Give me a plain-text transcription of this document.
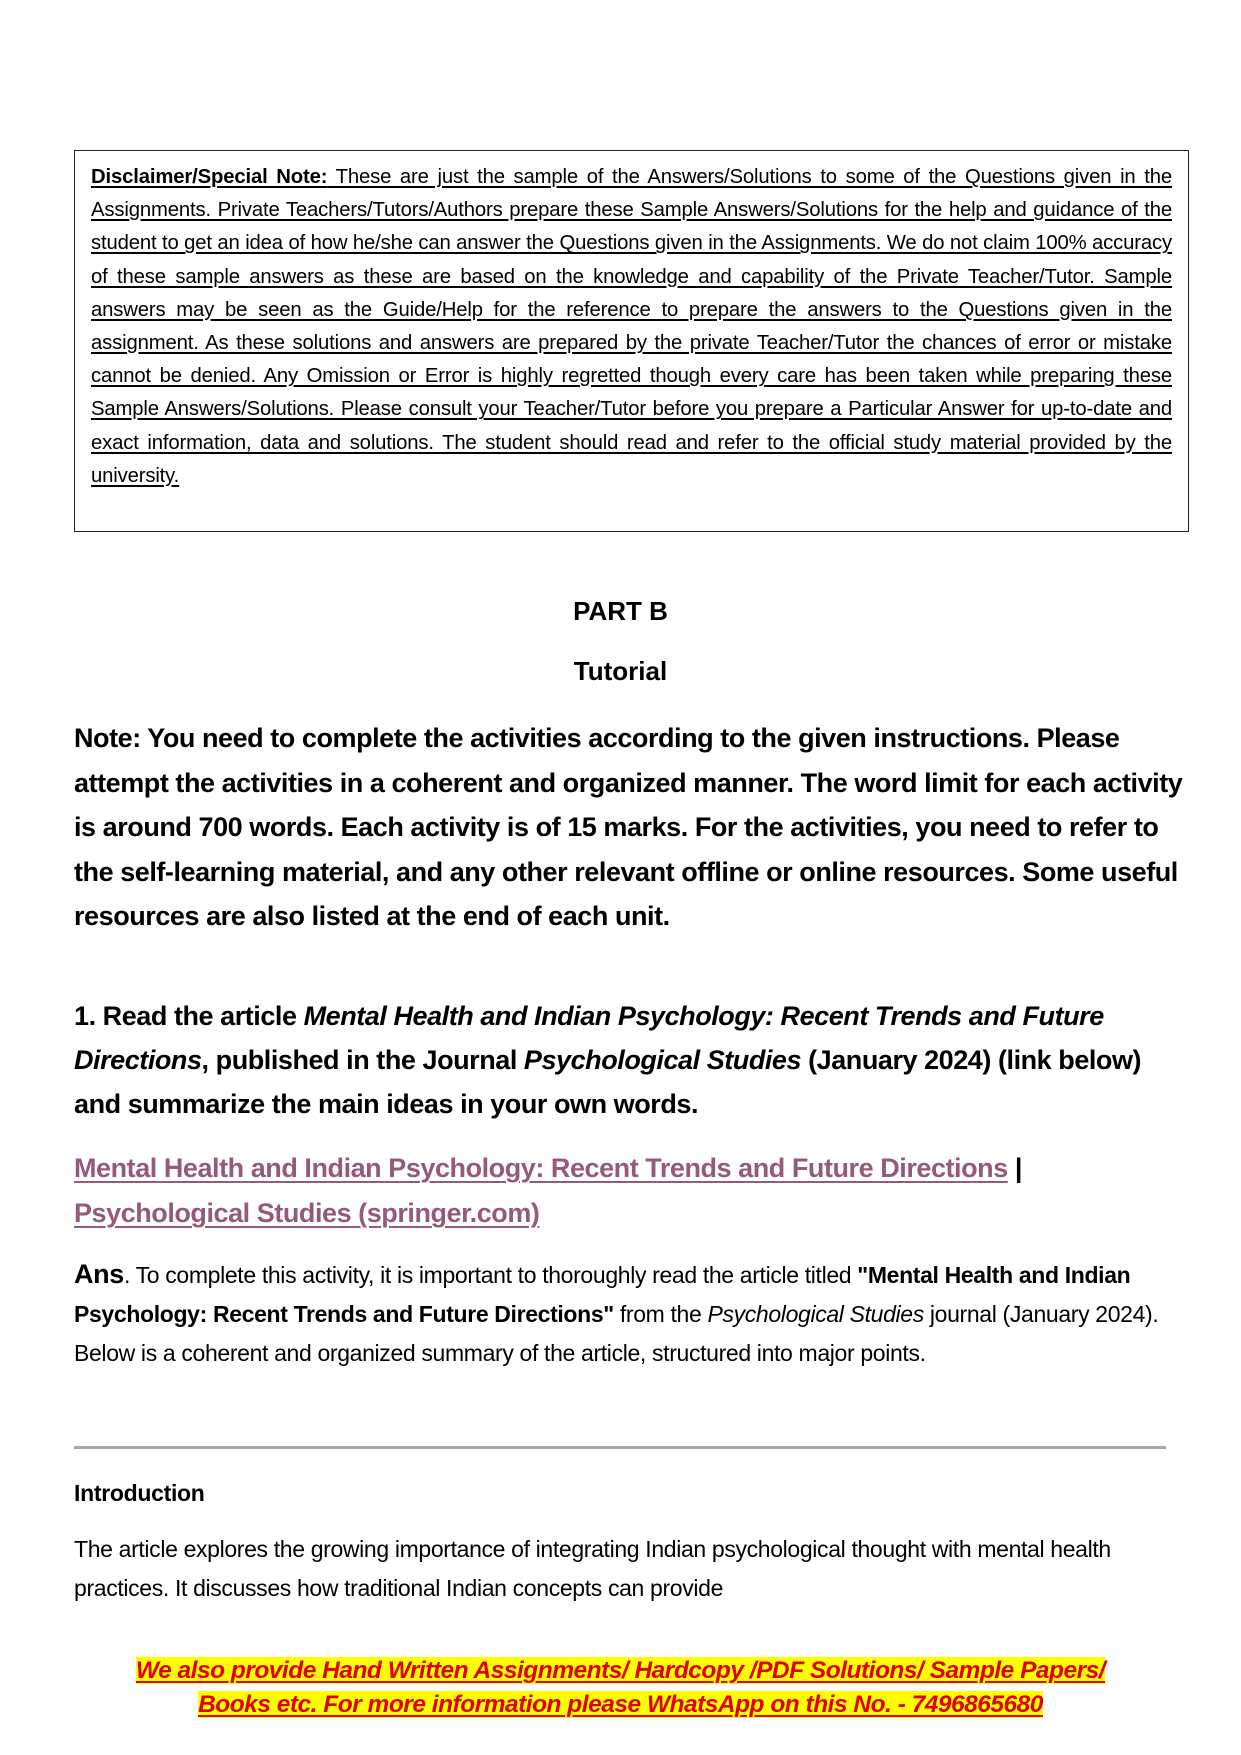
Disclaimer/Special Note: These are just the sample of the Answers/Solutions to some of the Questions given in the Assignments. Private Teachers/Tutors/Authors prepare these Sample Answers/Solutions for the help and guidance of the student to get an idea of how he/she can answer the Questions given in the Assignments. We do not claim 100% accuracy of these sample answers as these are based on the knowledge and capability of the Private Teacher/Tutor. Sample answers may be seen as the Guide/Help for the reference to prepare the answers to the Questions given in the assignment. As these solutions and answers are prepared by the private Teacher/Tutor the chances of error or mistake cannot be denied. Any Omission or Error is highly regretted though every care has been taken while preparing these Sample Answers/Solutions. Please consult your Teacher/Tutor before you prepare a Particular Answer for up-to-date and exact information, data and solutions. The student should read and refer to the official study material provided by the university.
PART B
Tutorial
Note: You need to complete the activities according to the given instructions. Please attempt the activities in a coherent and organized manner. The word limit for each activity is around 700 words. Each activity is of 15 marks. For the activities, you need to refer to the self-learning material, and any other relevant offline or online resources. Some useful resources are also listed at the end of each unit.
1. Read the article Mental Health and Indian Psychology: Recent Trends and Future Directions, published in the Journal Psychological Studies (January 2024) (link below) and summarize the main ideas in your own words.
Mental Health and Indian Psychology: Recent Trends and Future Directions | Psychological Studies (springer.com)
Ans. To complete this activity, it is important to thoroughly read the article titled "Mental Health and Indian Psychology: Recent Trends and Future Directions" from the Psychological Studies journal (January 2024). Below is a coherent and organized summary of the article, structured into major points.
Introduction
The article explores the growing importance of integrating Indian psychological thought with mental health practices. It discusses how traditional Indian concepts can provide
We also provide Hand Written Assignments/ Hardcopy /PDF Solutions/ Sample Papers/
Books etc. For more information please WhatsApp on this No. - 7496865680
